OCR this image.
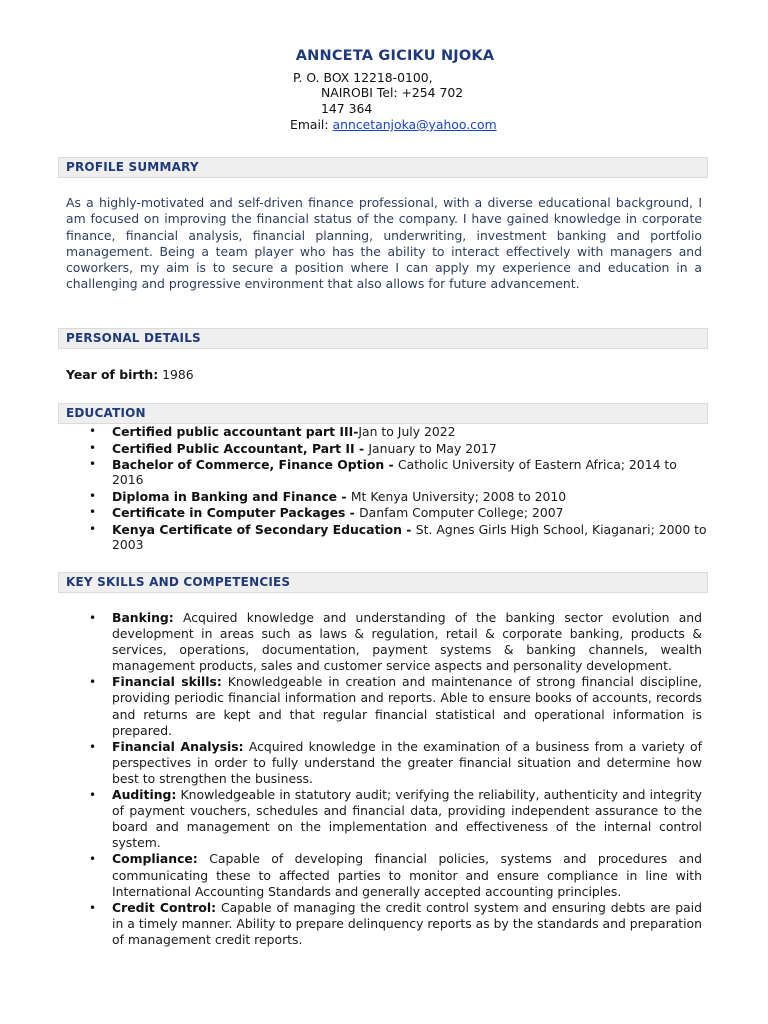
ANNCETA GICIKU NJOKA
P. O. BOX 12218-0100,
NAIROBI Tel: +254 702
147 364
Email: anncetanjoka@yahoo.com
PROFILE SUMMARY

As a highly-motivated and self-driven finance professional, with a diverse educational background, I am focused on improving the financial status of the company. I have gained knowledge in corporate finance, financial analysis, financial planning, underwriting, investment banking and portfolio management. Being a team player who has the ability to interact effectively with managers and coworkers, my aim is to secure a position where I can apply my experience and education in a challenging and progressive environment that also allows for future advancement.

PERSONAL DETAILS
Year of birth: 1986
EDUCATION
• Certified public accountant part III-Jan to July 2022
• Certified Public Accountant, Part II - January to May 2017
• Bachelor of Commerce, Finance Option - Catholic University of Eastern Africa; 2014 to 2016
• Diploma in Banking and Finance - Mt Kenya University; 2008 to 2010
• Certificate in Computer Packages - Danfam Computer College; 2007
• Kenya Certificate of Secondary Education - St. Agnes Girls High School, Kiaganari; 2000 to 2003
KEY SKILLS AND COMPETENCIES
• Banking: Acquired knowledge and understanding of the banking sector evolution and development in areas such as laws & regulation, retail & corporate banking, products & services, operations, documentation, payment systems & banking channels, wealth management products, sales and customer service aspects and personality development.
• Financial skills: Knowledgeable in creation and maintenance of strong financial discipline, providing periodic financial information and reports. Able to ensure books of accounts, records and returns are kept and that regular financial statistical and operational information is prepared.
• Financial Analysis: Acquired knowledge in the examination of a business from a variety of perspectives in order to fully understand the greater financial situation and determine how best to strengthen the business.
• Auditing: Knowledgeable in statutory audit; verifying the reliability, authenticity and integrity of payment vouchers, schedules and financial data, providing independent assurance to the board and management on the implementation and effectiveness of the internal control system.
• Compliance: Capable of developing financial policies, systems and procedures and communicating these to affected parties to monitor and ensure compliance in line with International Accounting Standards and generally accepted accounting principles.
• Credit Control: Capable of managing the credit control system and ensuring debts are paid in a timely manner. Ability to prepare delinquency reports as by the standards and preparation of management credit reports.
